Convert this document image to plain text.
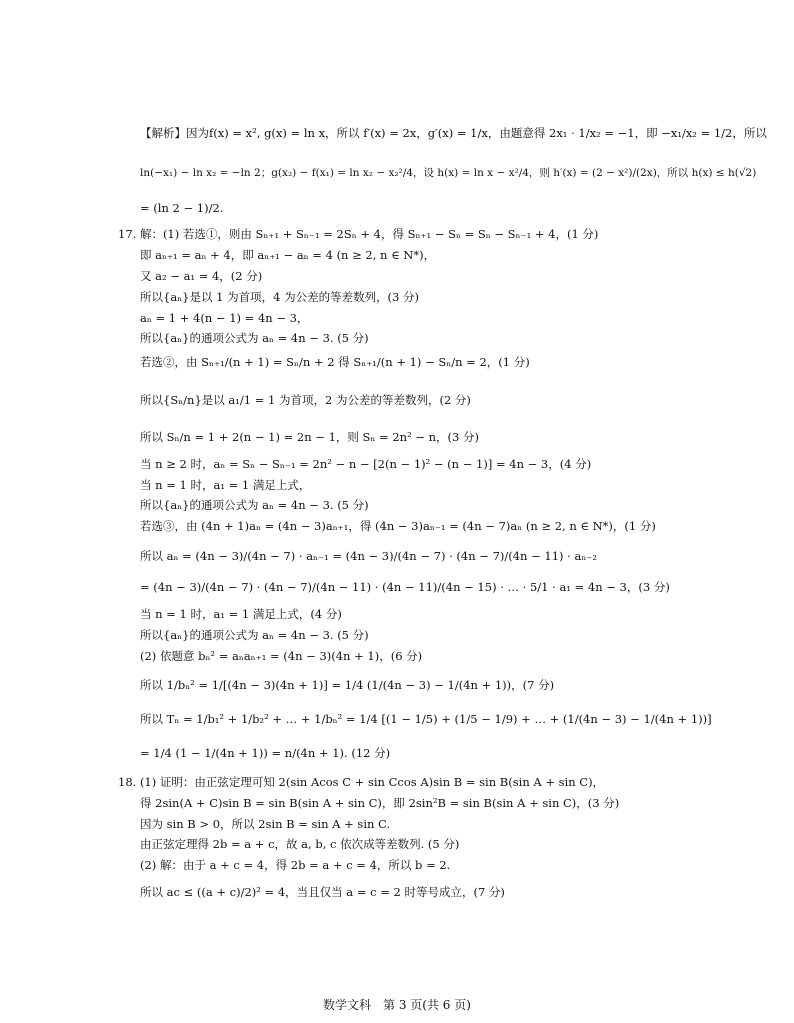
【解析】因为f(x) = x², g(x) = ln x，所以 f′(x) = 2x，g′(x) = 1/x，由题意得 2x₁ · 1/x₂ = −1，即 −x₁/x₂ = 1/2，所以
ln(−x₁) − ln x₂ = −ln 2；g(x₂) − f(x₁) = ln x₂ − x₂²/4，设 h(x) = ln x − x²/4，则 h′(x) = (2 − x²)/(2x)，所以 h(x) ≤ h(√2)
= (ln 2 − 1)/2.
17. 解：(1) 若选①，则由 Sₙ₊₁ + Sₙ₋₁ = 2Sₙ + 4，得 Sₙ₊₁ − Sₙ = Sₙ − Sₙ₋₁ + 4，(1 分)
即 aₙ₊₁ = aₙ + 4，即 aₙ₊₁ − aₙ = 4 (n ≥ 2, n ∈ N*)，
又 a₂ − a₁ = 4，(2 分)
所以{aₙ}是以 1 为首项，4 为公差的等差数列，(3 分)
aₙ = 1 + 4(n − 1) = 4n − 3，
所以{aₙ}的通项公式为 aₙ = 4n − 3. (5 分)
若选②，由 Sₙ₊₁/(n + 1) = Sₙ/n + 2 得 Sₙ₊₁/(n + 1) − Sₙ/n = 2，(1 分)
所以{Sₙ/n}是以 a₁/1 = 1 为首项，2 为公差的等差数列，(2 分)
所以 Sₙ/n = 1 + 2(n − 1) = 2n − 1，则 Sₙ = 2n² − n，(3 分)
当 n ≥ 2 时，aₙ = Sₙ − Sₙ₋₁ = 2n² − n − [2(n − 1)² − (n − 1)] = 4n − 3，(4 分)
当 n = 1 时，a₁ = 1 满足上式，
所以{aₙ}的通项公式为 aₙ = 4n − 3. (5 分)
若选③，由 (4n + 1)aₙ = (4n − 3)aₙ₊₁，得 (4n − 3)aₙ₋₁ = (4n − 7)aₙ (n ≥ 2, n ∈ N*)，(1 分)
所以 aₙ = (4n − 3)/(4n − 7) · aₙ₋₁ = (4n − 3)/(4n − 7) · (4n − 7)/(4n − 11) · aₙ₋₂
= (4n − 3)/(4n − 7) · (4n − 7)/(4n − 11) · (4n − 11)/(4n − 15) · … · 5/1 · a₁ = 4n − 3，(3 分)
当 n = 1 时，a₁ = 1 满足上式，(4 分)
所以{aₙ}的通项公式为 aₙ = 4n − 3. (5 分)
(2) 依题意 bₙ² = aₙaₙ₊₁ = (4n − 3)(4n + 1)，(6 分)
所以 1/bₙ² = 1/[(4n − 3)(4n + 1)] = 1/4 (1/(4n − 3) − 1/(4n + 1))，(7 分)
所以 Tₙ = 1/b₁² + 1/b₂² + … + 1/bₙ² = 1/4 [(1 − 1/5) + (1/5 − 1/9) + … + (1/(4n − 3) − 1/(4n + 1))]
= 1/4 (1 − 1/(4n + 1)) = n/(4n + 1). (12 分)
18. (1) 证明：由正弦定理可知 2(sin Acos C + sin Ccos A)sin B = sin B(sin A + sin C)，
得 2sin(A + C)sin B = sin B(sin A + sin C)，即 2sin²B = sin B(sin A + sin C)，(3 分)
因为 sin B > 0，所以 2sin B = sin A + sin C.
由正弦定理得 2b = a + c，故 a, b, c 依次成等差数列. (5 分)
(2) 解：由于 a + c = 4，得 2b = a + c = 4，所以 b = 2.
所以 ac ≤ ((a + c)/2)² = 4，当且仅当 a = c = 2 时等号成立，(7 分)
数学文科　第 3 页(共 6 页)
